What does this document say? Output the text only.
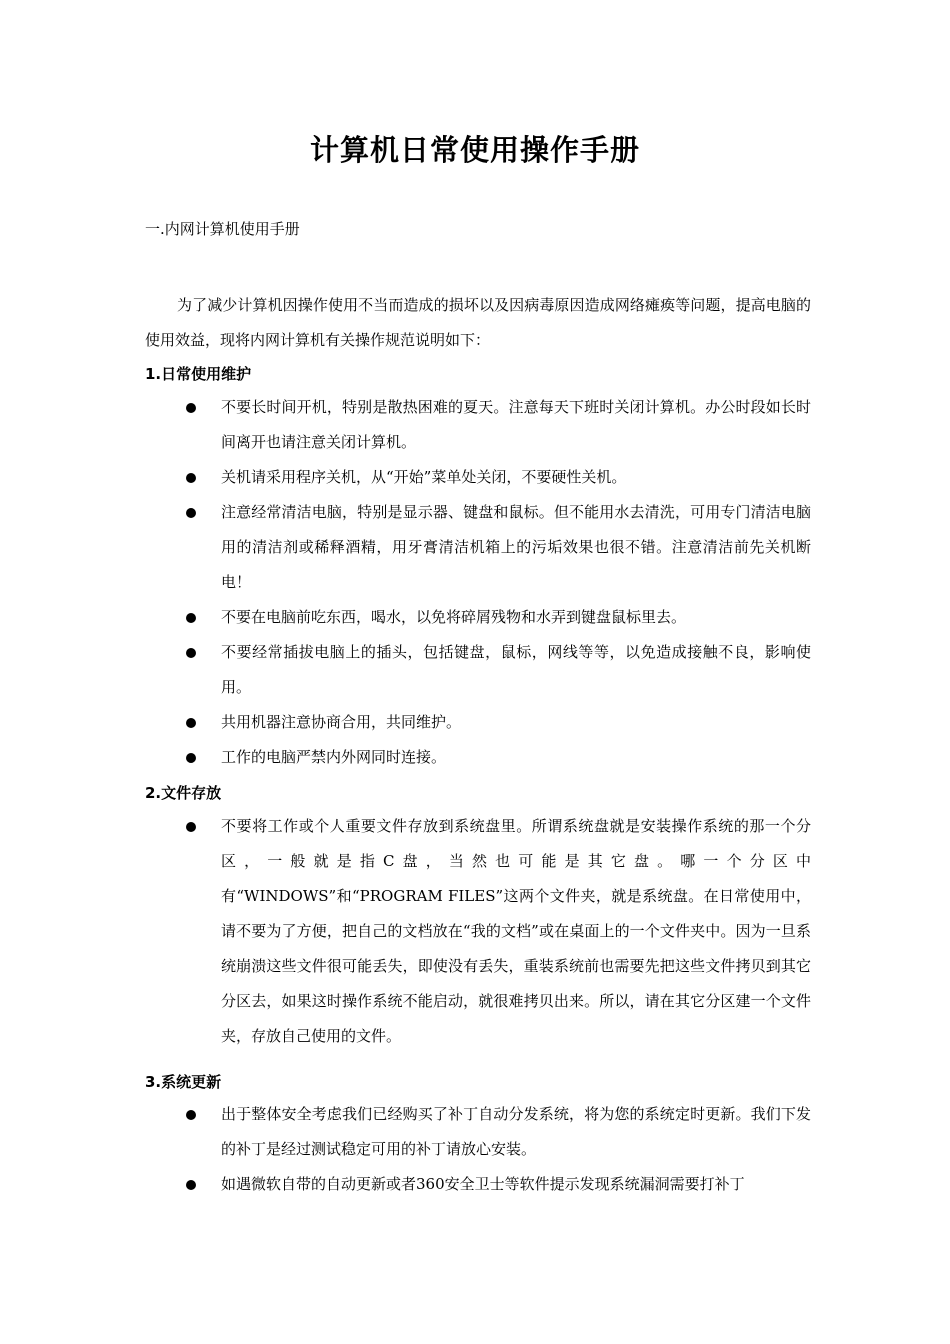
计算机日常使用操作手册
一.内网计算机使用手册
为了减少计算机因操作使用不当而造成的损坏以及因病毒原因造成网络瘫痪等问题，提高电脑的使用效益，现将内网计算机有关操作规范说明如下：
1.日常使用维护
不要长时间开机，特别是散热困难的夏天。注意每天下班时关闭计算机。办公时段如长时间离开也请注意关闭计算机。
关机请采用程序关机，从“开始”菜单处关闭，不要硬性关机。
注意经常清洁电脑，特别是显示器、键盘和鼠标。但不能用水去清洗，可用专门清洁电脑用的清洁剂或稀释酒精，用牙膏清洁机箱上的污垢效果也很不错。注意清洁前先关机断电！
不要在电脑前吃东西，喝水，以免将碎屑残物和水弄到键盘鼠标里去。
不要经常插拔电脑上的插头，包括键盘，鼠标，网线等等，以免造成接触不良，影响使用。
共用机器注意协商合用，共同维护。
工作的电脑严禁内外网同时连接。
2.文件存放
不要将工作或个人重要文件存放到系统盘里。所谓系统盘就是安装操作系统的那一个分区，一般就是指C盘，当然也可能是其它盘。哪一个分区中有“WINDOWS”和“PROGRAM FILES”这两个文件夹，就是系统盘。在日常使用中，请不要为了方便，把自己的文档放在“我的文档”或在桌面上的一个文件夹中。因为一旦系统崩溃这些文件很可能丢失，即使没有丢失，重装系统前也需要先把这些文件拷贝到其它分区去，如果这时操作系统不能启动，就很难拷贝出来。所以，请在其它分区建一个文件夹，存放自己使用的文件。
3.系统更新
出于整体安全考虑我们已经购买了补丁自动分发系统，将为您的系统定时更新。我们下发的补丁是经过测试稳定可用的补丁请放心安装。
如遇微软自带的自动更新或者360安全卫士等软件提示发现系统漏洞需要打补丁
